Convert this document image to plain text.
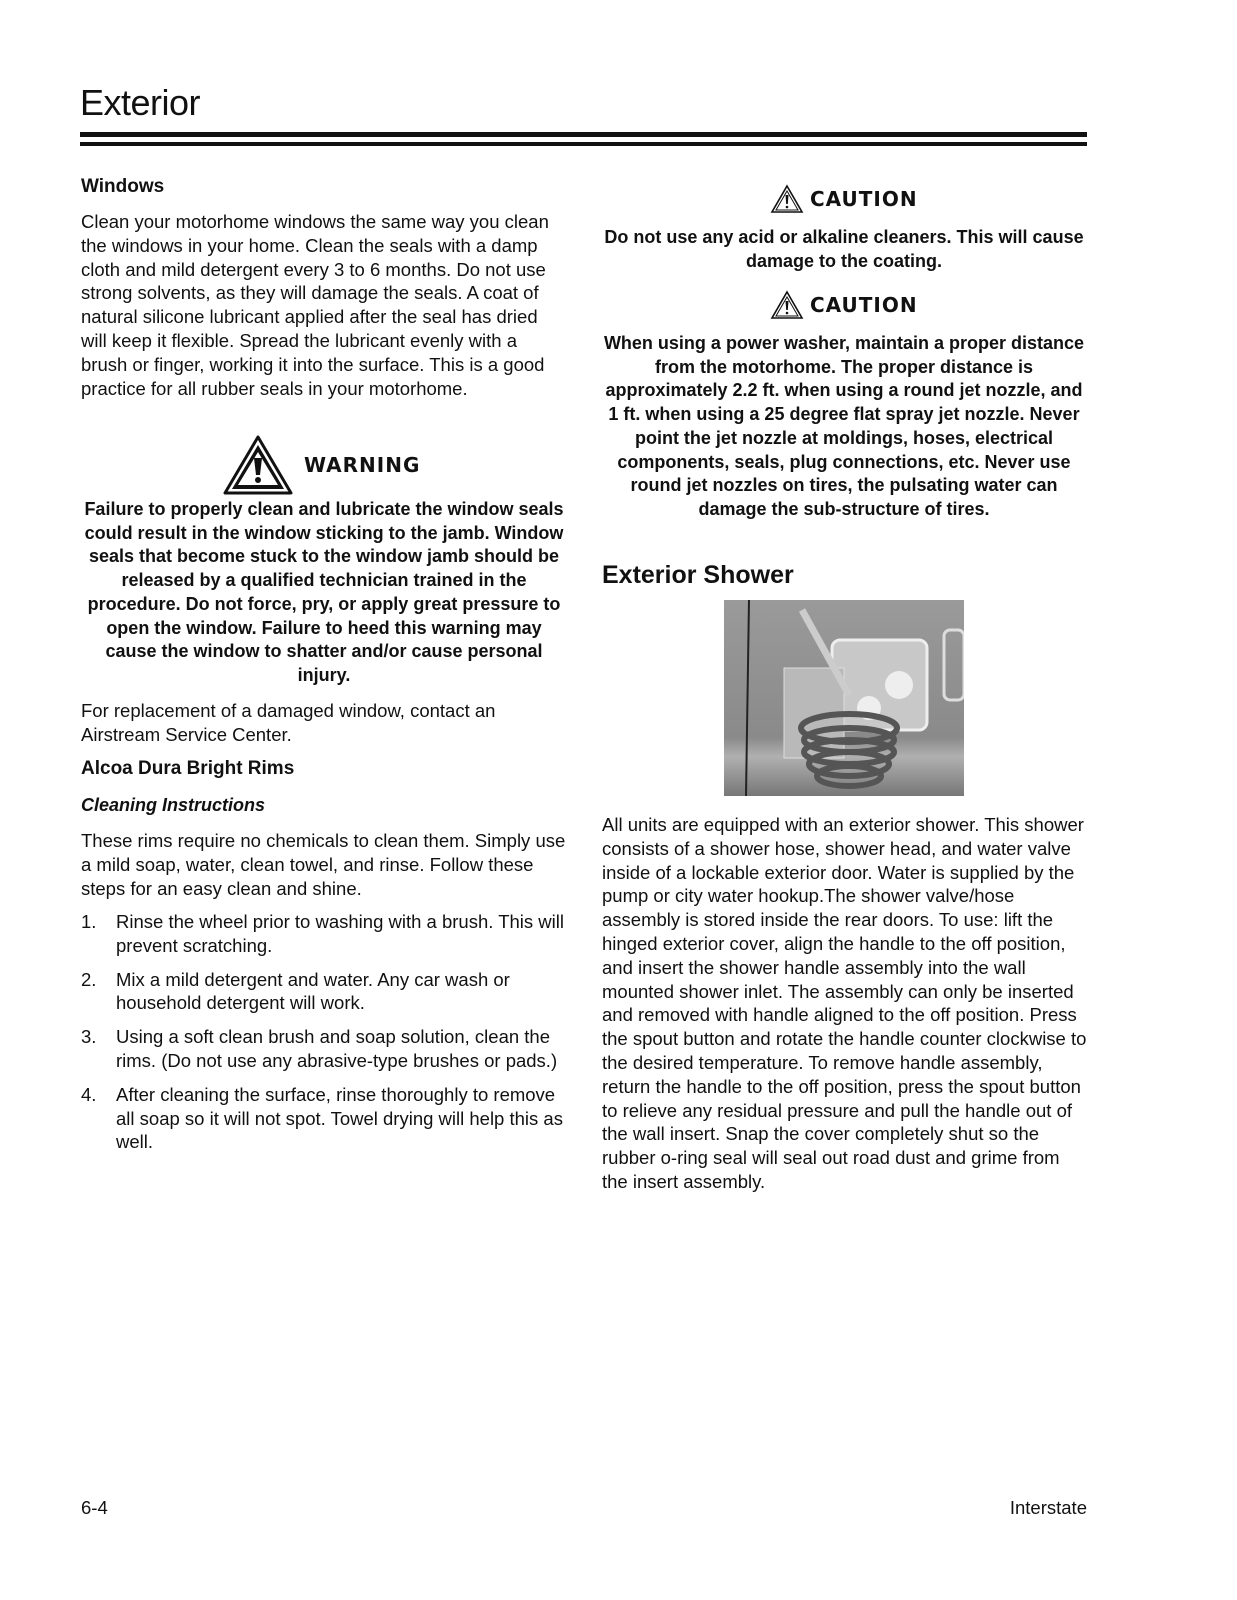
Exterior
Windows
Clean your motorhome windows the same way you clean the windows in your home. Clean the seals with a damp cloth and mild detergent every 3 to 6 months. Do not use strong solvents, as they will damage the seals. A coat of natural silicone lubricant applied after the seal has dried will keep it flexible. Spread the lubricant evenly with a brush or finger, working it into the surface. This is a good practice for all rubber seals in your motorhome.
WARNING
Failure to properly clean and lubricate the window seals could result in the window sticking to the jamb. Window seals that become stuck to the window jamb should be released by a qualified technician trained in the procedure. Do not force, pry, or apply great pressure to open the window. Failure to heed this warning may cause the window to shatter and/or cause personal injury.
For replacement of a damaged window, contact an Airstream Service Center.
Alcoa Dura Bright Rims
Cleaning Instructions
These rims require no chemicals to clean them. Simply use a mild soap, water, clean towel, and rinse. Follow these steps for an easy clean and shine.
1. Rinse the wheel prior to washing with a brush. This will prevent scratching.
2. Mix a mild detergent and water. Any car wash or household detergent will work.
3. Using a soft clean brush and soap solution, clean the rims. (Do not use any abrasive-type brushes or pads.)
4. After cleaning the surface, rinse thoroughly to remove all soap so it will not spot. Towel drying will help this as well.
CAUTION
Do not use any acid or alkaline cleaners. This will cause damage to the coating.
CAUTION
When using a power washer, maintain a proper distance from the motorhome. The proper distance is approximately 2.2 ft. when using a round jet nozzle, and 1 ft. when using a 25 degree flat spray jet nozzle. Never point the jet nozzle at moldings, hoses, electrical components, seals, plug connections, etc. Never use round jet nozzles on tires, the pulsating water can damage the sub-structure of tires.
Exterior Shower
All units are equipped with an exterior shower. This shower consists of a shower hose, shower head, and water valve inside of a lockable exterior door. Water is supplied by the pump or city water hookup.The shower valve/hose assembly is stored inside the rear doors. To use: lift the hinged exterior cover, align the handle to the off position, and insert the shower handle assembly into the wall mounted shower inlet. The assembly can only be inserted and removed with handle aligned to the off position. Press the spout button and rotate the handle counter clockwise to the desired temperature. To remove handle assembly, return the handle to the off position, press the spout button to relieve any residual pressure and pull the handle out of the wall insert. Snap the cover completely shut so the rubber o-ring seal will seal out road dust and grime from the insert assembly.
6-4	Interstate
